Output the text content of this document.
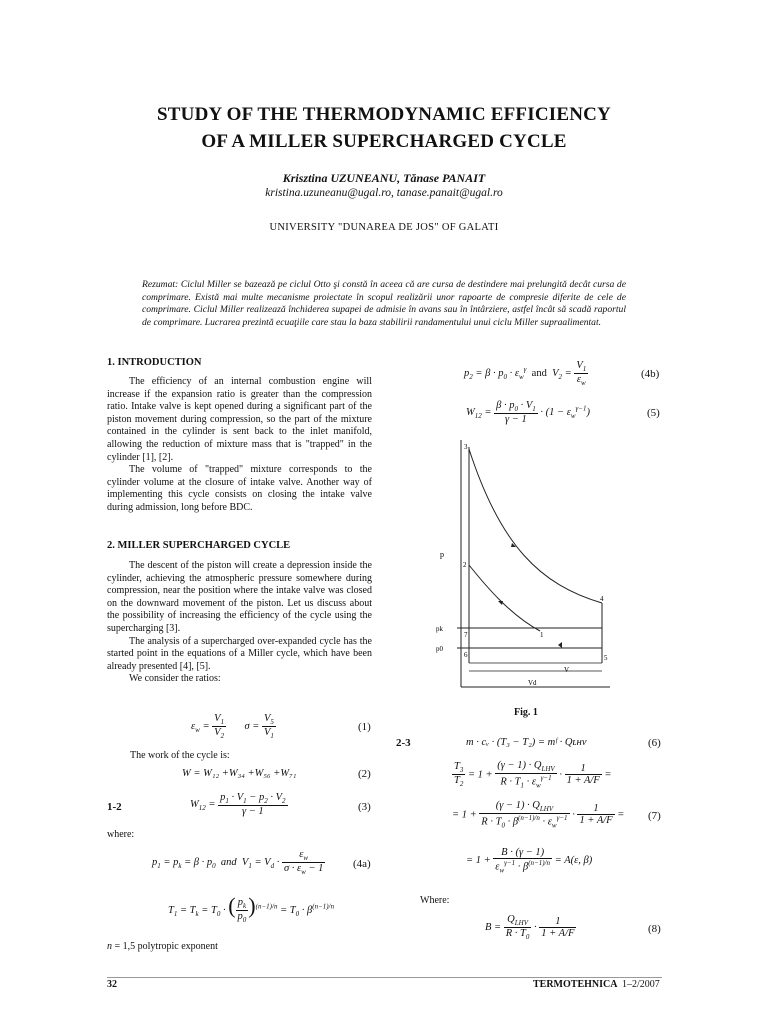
STUDY OF THE THERMODYNAMIC EFFICIENCY
OF A MILLER SUPERCHARGED CYCLE
Krisztina UZUNEANU, Tănase PANAIT
kristina.uzuneanu@ugal.ro, tanase.panait@ugal.ro
UNIVERSITY "DUNAREA DE JOS" OF GALATI
Rezumat: Ciclul Miller se bazează pe ciclul Otto şi constă în aceea că are cursa de destindere mai prelungită decât cursa de comprimare. Există mai multe mecanisme proiectate în scopul realizării unor rapoarte de compresie diferite de cele de comprimare. Ciclul Miller realizează închiderea supapei de admisie în avans sau în întârziere, astfel încât să scadă raportul de comprimare. Lucrarea prezintă ecuaţiile care stau la baza stabilirii randamentului unui ciclu Miller supraalimentat.
1. INTRODUCTION

The efficiency of an internal combustion engine will increase if the expansion ratio is greater than the compression ratio. Intake valve is kept opened during a significant part of the piston movement during compression, so the part of the mixture contained in the cylinder is sent back to the inlet manifold, allowing the reduction of mixture mass that is "trapped" in the cylinder [1], [2].

The volume of "trapped" mixture corresponds to the cylinder volume at the closure of intake valve. Another way of implementing this cycle consists on closing the intake valve during admission, long before BDC.

2. MILLER SUPERCHARGED CYCLE

The descent of the piston will create a depression inside the cylinder, achieving the atmospheric pressure somewhere during compression, near the position where the intake valve was closed on the downward movement of the piston. Let us discuss about the possibility of increasing the efficiency of the cycle using the supercharging [3].

The analysis of a supercharged over-expanded cycle has the started point in the equations of a Miller cycle, which have been already presented [4], [5].

We consider the ratios:

$\varepsilon_w = \frac{V_1}{V_2}$ $\sigma = \frac{V_5}{V_1}$	(1)
The work of the cycle is:
W = W₁₂ +W₃₄ +W₅₆ +W₇₁	(2)
1-2	$W_{12} = \frac{p_1 \cdot V_1 - p_2 \cdot V_2}{\gamma - 1}$	(3)
where:
$p_1 = p_k = \beta \cdot p_0$  and  $V_1 = V_d \cdot \frac{\varepsilon_w}{\sigma \cdot \varepsilon_w - 1}$	(4a)
$T_1 = T_k = T_0$ · ( $\frac{p_k}{p_0} )^{(n-1)/n} = T_0 \cdot \beta^{(n-1)/n}$
n = 1,5 polytropic exponent
$p_2 = \beta \cdot p_0 \cdot \varepsilon_w^\gamma$ and  $V_2 = \frac{V_1}{\varepsilon_w}$	(4b)
$W_{12} = \frac{\beta \cdot p_0 \cdot V_1}{\gamma - 1} \cdot (1 - \varepsilon_w^{\gamma-1})$	(5)
p
3
2
4
1
7
6	5
pk
p0
V
Vd
Fig. 1
2-3	m · cᵥ · (T₃ − T₂) = mᶠ · Qʟʜᴠ	(6)
$\frac{T_3}{T_2} = 1 + \frac{(\gamma - 1) \cdot Q_{LHV}}{R \cdot T_1 \cdot \varepsilon_w^{\gamma-1}} \cdot \frac{1}{1 + A/F}$ =
= $1 + \frac{(\gamma - 1) \cdot Q_{LHV}}{R \cdot T_0 \cdot \beta^{(n-1)/n} \cdot \varepsilon_w^{\gamma-1}} \cdot \frac{1}{1 + A/F} = (7)$
= $1 + \frac{B \cdot (\gamma - 1)}{\varepsilon_w^{\gamma-1} \cdot \beta^{(n-1)/n}} = A(\varepsilon$, β)
Where:
$B = \frac{Q_{LHV}}{R \cdot T_0} \cdot \frac{1}{1 + A/F}$	(8)
32	TERMOTEHNICA 1–2/2007
